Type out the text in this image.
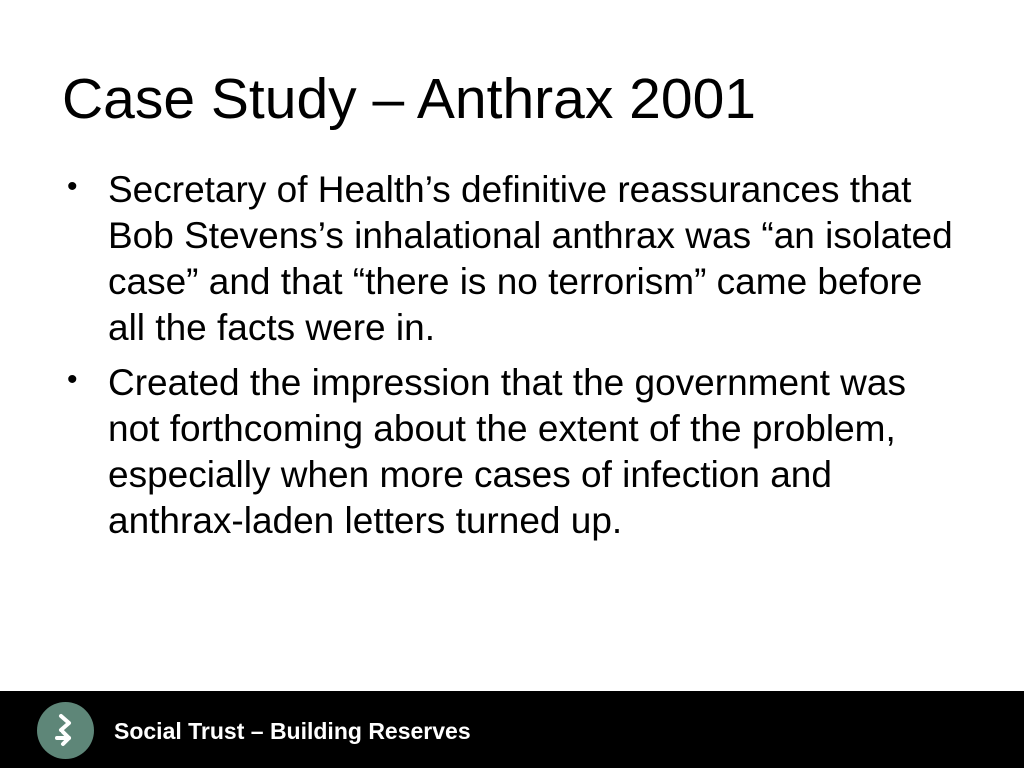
Case Study – Anthrax 2001
• Secretary of Health’s definitive reassurances that Bob Stevens’s inhalational anthrax was “an isolated case” and that “there is no terrorism” came before all the facts were in.
• Created the impression that the government was not forthcoming about the extent of the problem, especially when more cases of infection and anthrax-laden letters turned up.
Social Trust – Building Reserves
